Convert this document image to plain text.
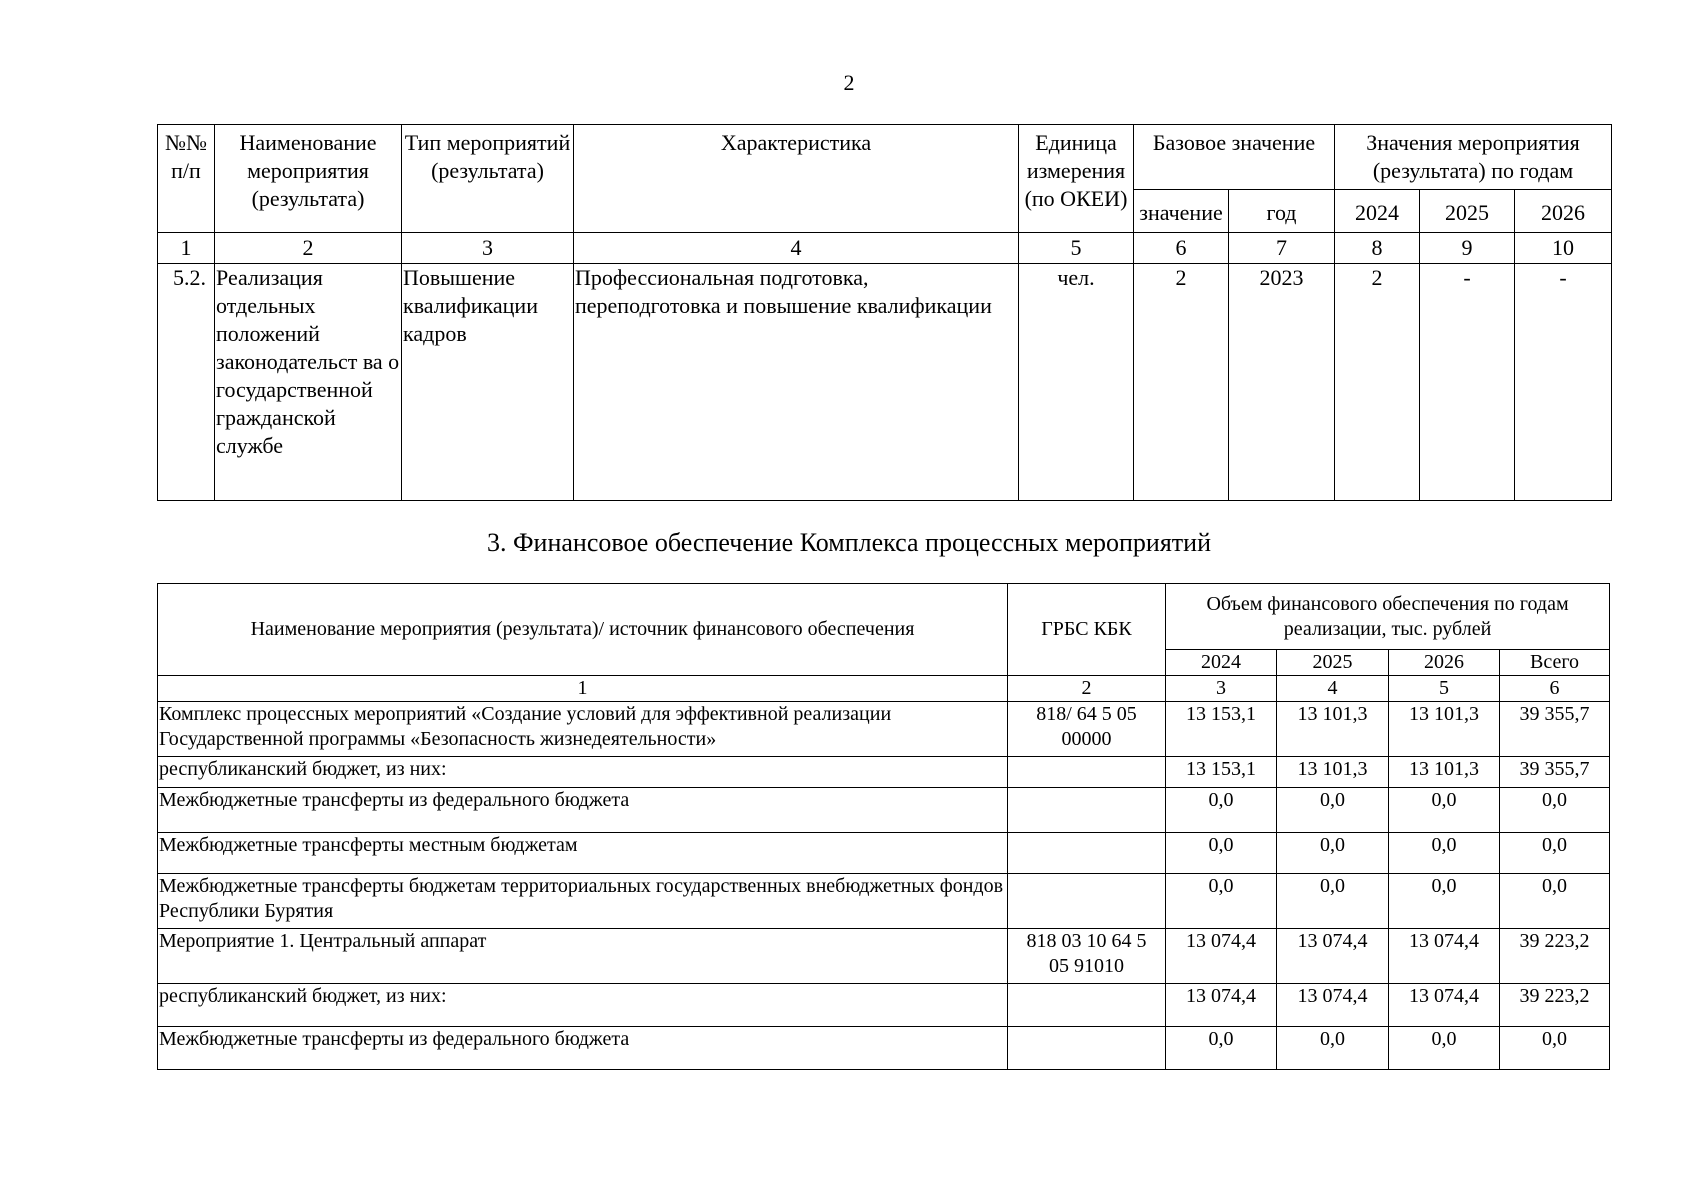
2
№№ п/п	Наименование мероприятия (результата)	Тип мероприятий (результата)	Характеристика	Единица измерения (по ОКЕИ)	Базовое значение		Значения мероприятия (результата) по годам		
					значение	год	2024	2025	2026
1	2	3	4	5	6	7	8	9	10
5.2.	Реализация отдельных положений законодательст ва о государственной гражданской службе	Повышение квалификации кадров	Профессиональная подготовка, переподготовка и повышение квалификации	чел.	2	2023	2	-	-
3. Финансовое обеспечение Комплекса процессных мероприятий
Наименование мероприятия (результата)/ источник финансового обеспечения	ГРБС КБК	Объем финансового обеспечения по годам реализации, тыс. рублей			
		2024	2025	2026	Всего
1	2	3	4	5	6
Комплекс процессных мероприятий «Создание условий для эффективной реализации Государственной программы «Безопасность жизнедеятельности»	818/ 64 5 05 00000	13 153,1	13 101,3	13 101,3	39 355,7
республиканский бюджет, из них:		13 153,1	13 101,3	13 101,3	39 355,7
Межбюджетные трансферты из федерального бюджета		0,0	0,0	0,0	0,0
Межбюджетные трансферты местным бюджетам		0,0	0,0	0,0	0,0
Межбюджетные трансферты бюджетам территориальных государственных внебюджетных фондов Республики Бурятия		0,0	0,0	0,0	0,0
Мероприятие 1. Центральный аппарат	818 03 10 64 5 05 91010	13 074,4	13 074,4	13 074,4	39 223,2
республиканский бюджет, из них:		13 074,4	13 074,4	13 074,4	39 223,2
Межбюджетные трансферты из федерального бюджета		0,0	0,0	0,0	0,0
